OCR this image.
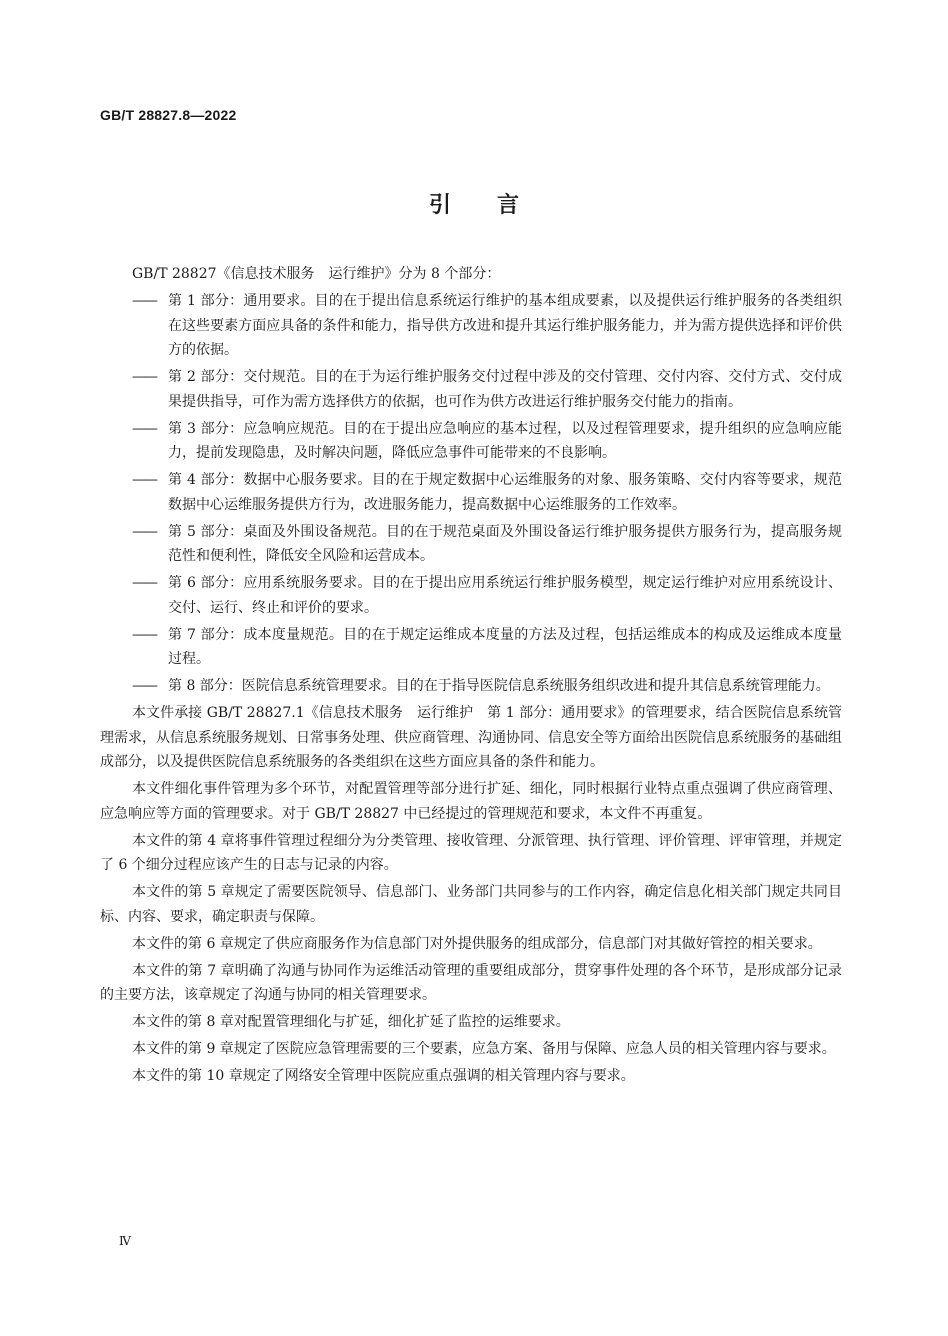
GB/T 28827.8—2022
引言

GB/T 28827《信息技术服务　运行维护》分为 8 个部分：

—— 第 1 部分：通用要求。目的在于提出信息系统运行维护的基本组成要素，以及提供运行维护服务的各类组织在这些要素方面应具备的条件和能力，指导供方改进和提升其运行维护服务能力，并为需方提供选择和评价供方的依据。
—— 第 2 部分：交付规范。目的在于为运行维护服务交付过程中涉及的交付管理、交付内容、交付方式、交付成果提供指导，可作为需方选择供方的依据，也可作为供方改进运行维护服务交付能力的指南。
—— 第 3 部分：应急响应规范。目的在于提出应急响应的基本过程，以及过程管理要求，提升组织的应急响应能力，提前发现隐患，及时解决问题，降低应急事件可能带来的不良影响。
—— 第 4 部分：数据中心服务要求。目的在于规定数据中心运维服务的对象、服务策略、交付内容等要求，规范数据中心运维服务提供方行为，改进服务能力，提高数据中心运维服务的工作效率。
—— 第 5 部分：桌面及外围设备规范。目的在于规范桌面及外围设备运行维护服务提供方服务行为，提高服务规范性和便利性，降低安全风险和运营成本。
—— 第 6 部分：应用系统服务要求。目的在于提出应用系统运行维护服务模型，规定运行维护对应用系统设计、交付、运行、终止和评价的要求。
—— 第 7 部分：成本度量规范。目的在于规定运维成本度量的方法及过程，包括运维成本的构成及运维成本度量过程。
—— 第 8 部分：医院信息系统管理要求。目的在于指导医院信息系统服务组织改进和提升其信息系统管理能力。

本文件承接 GB/T 28827.1《信息技术服务　运行维护　第 1 部分：通用要求》的管理要求，结合医院信息系统管理需求，从信息系统服务规划、日常事务处理、供应商管理、沟通协同、信息安全等方面给出医院信息系统服务的基础组成部分，以及提供医院信息系统服务的各类组织在这些方面应具备的条件和能力。

本文件细化事件管理为多个环节，对配置管理等部分进行扩延、细化，同时根据行业特点重点强调了供应商管理、应急响应等方面的管理要求。对于 GB/T 28827 中已经提过的管理规范和要求，本文件不再重复。

本文件的第 4 章将事件管理过程细分为分类管理、接收管理、分派管理、执行管理、评价管理、评审管理，并规定了 6 个细分过程应该产生的日志与记录的内容。

本文件的第 5 章规定了需要医院领导、信息部门、业务部门共同参与的工作内容，确定信息化相关部门规定共同目标、内容、要求，确定职责与保障。

本文件的第 6 章规定了供应商服务作为信息部门对外提供服务的组成部分，信息部门对其做好管控的相关要求。

本文件的第 7 章明确了沟通与协同作为运维活动管理的重要组成部分，贯穿事件处理的各个环节，是形成部分记录的主要方法，该章规定了沟通与协同的相关管理要求。

本文件的第 8 章对配置管理细化与扩延，细化扩延了监控的运维要求。

本文件的第 9 章规定了医院应急管理需要的三个要素，应急方案、备用与保障、应急人员的相关管理内容与要求。

本文件的第 10 章规定了网络安全管理中医院应重点强调的相关管理内容与要求。

Ⅳ
